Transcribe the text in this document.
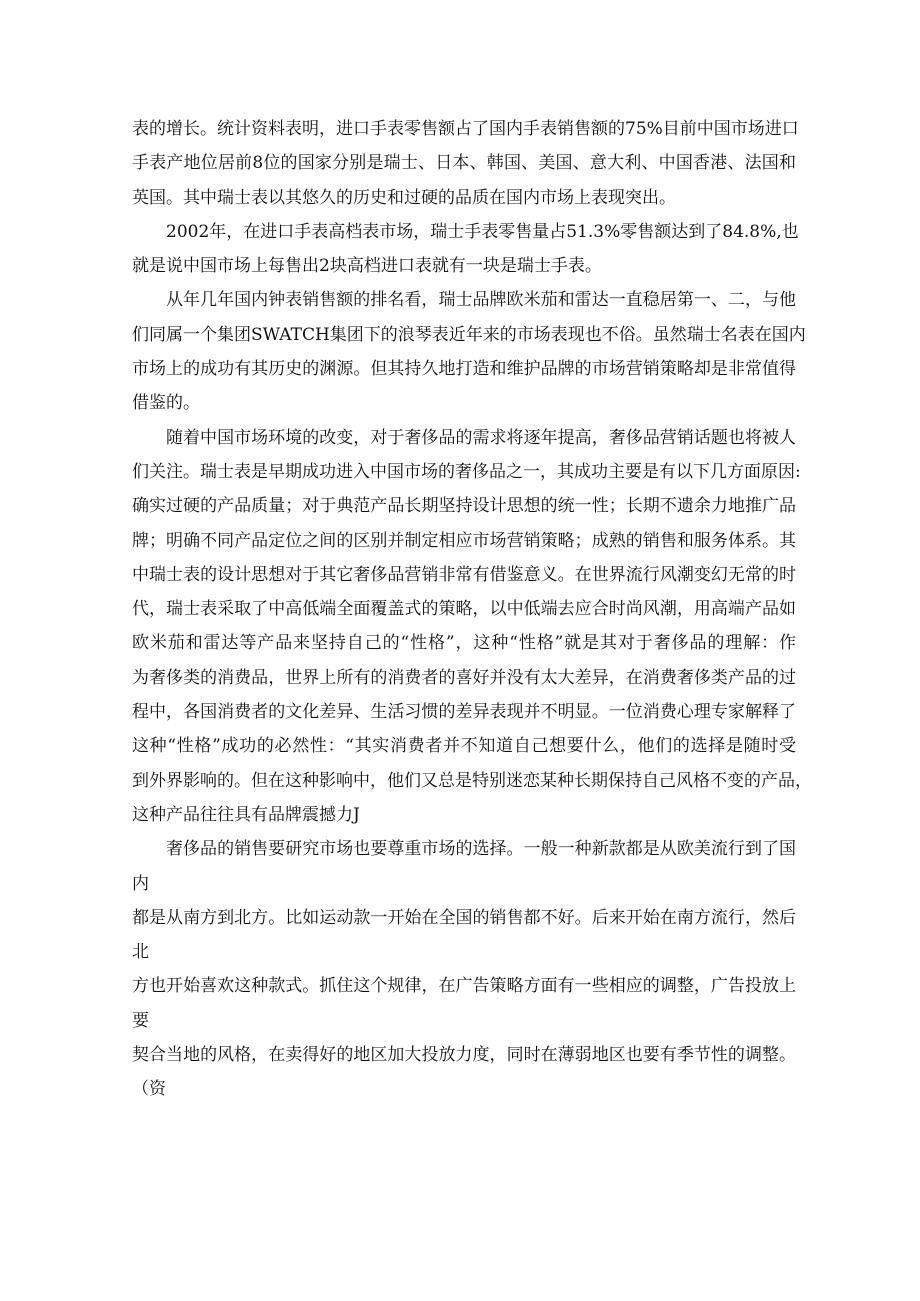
表的增长。统计资料表明，进口手表零售额占了国内手表销售额的75%目前中国市场进口
手表产地位居前8位的国家分别是瑞士、日本、韩国、美国、意大利、中国香港、法国和
英国。其中瑞士表以其悠久的历史和过硬的品质在国内市场上表现突出。
2002年，在进口手表高档表市场，瑞士手表零售量占51.3%零售额达到了84.8%,也
就是说中国市场上每售出2块高档进口表就有一块是瑞士手表。
从年几年国内钟表销售额的排名看，瑞士品牌欧米茄和雷达一直稳居第一、二，与他
们同属一个集团SWATCH集团下的浪琴表近年来的市场表现也不俗。虽然瑞士名表在国内
市场上的成功有其历史的渊源。但其持久地打造和维护品牌的市场营销策略却是非常值得
借鉴的。
随着中国市场环境的改变，对于奢侈品的需求将逐年提高，奢侈品营销话题也将被人
们关注。瑞士表是早期成功进入中国市场的奢侈品之一，其成功主要是有以下几方面原因:
确实过硬的产品质量；对于典范产品长期坚持设计思想的统一性；长期不遗余力地推广品
牌；明确不同产品定位之间的区别并制定相应市场营销策略；成熟的销售和服务体系。其
中瑞士表的设计思想对于其它奢侈品营销非常有借鉴意义。在世界流行风潮变幻无常的时
代，瑞士表采取了中高低端全面覆盖式的策略，以中低端去应合时尚风潮，用高端产品如
欧米茄和雷达等产品来坚持自己的“性格”，这种“性格”就是其对于奢侈品的理解：作
为奢侈类的消费品，世界上所有的消费者的喜好并没有太大差异，在消费奢侈类产品的过
程中，各国消费者的文化差异、生活习惯的差异表现并不明显。一位消费心理专家解释了
这种“性格”成功的必然性：“其实消费者并不知道自己想要什么，他们的选择是随时受
到外界影响的。但在这种影响中，他们又总是特别迷恋某种长期保持自己风格不变的产品，
这种产品往往具有品牌震撼力J
奢侈品的销售要研究市场也要尊重市场的选择。一般一种新款都是从欧美流行到了国
内
都是从南方到北方。比如运动款一开始在全国的销售都不好。后来开始在南方流行，然后
北
方也开始喜欢这种款式。抓住这个规律，在广告策略方面有一些相应的调整，广告投放上
要
契合当地的风格，在卖得好的地区加大投放力度，同时在薄弱地区也要有季节性的调整。
（资
